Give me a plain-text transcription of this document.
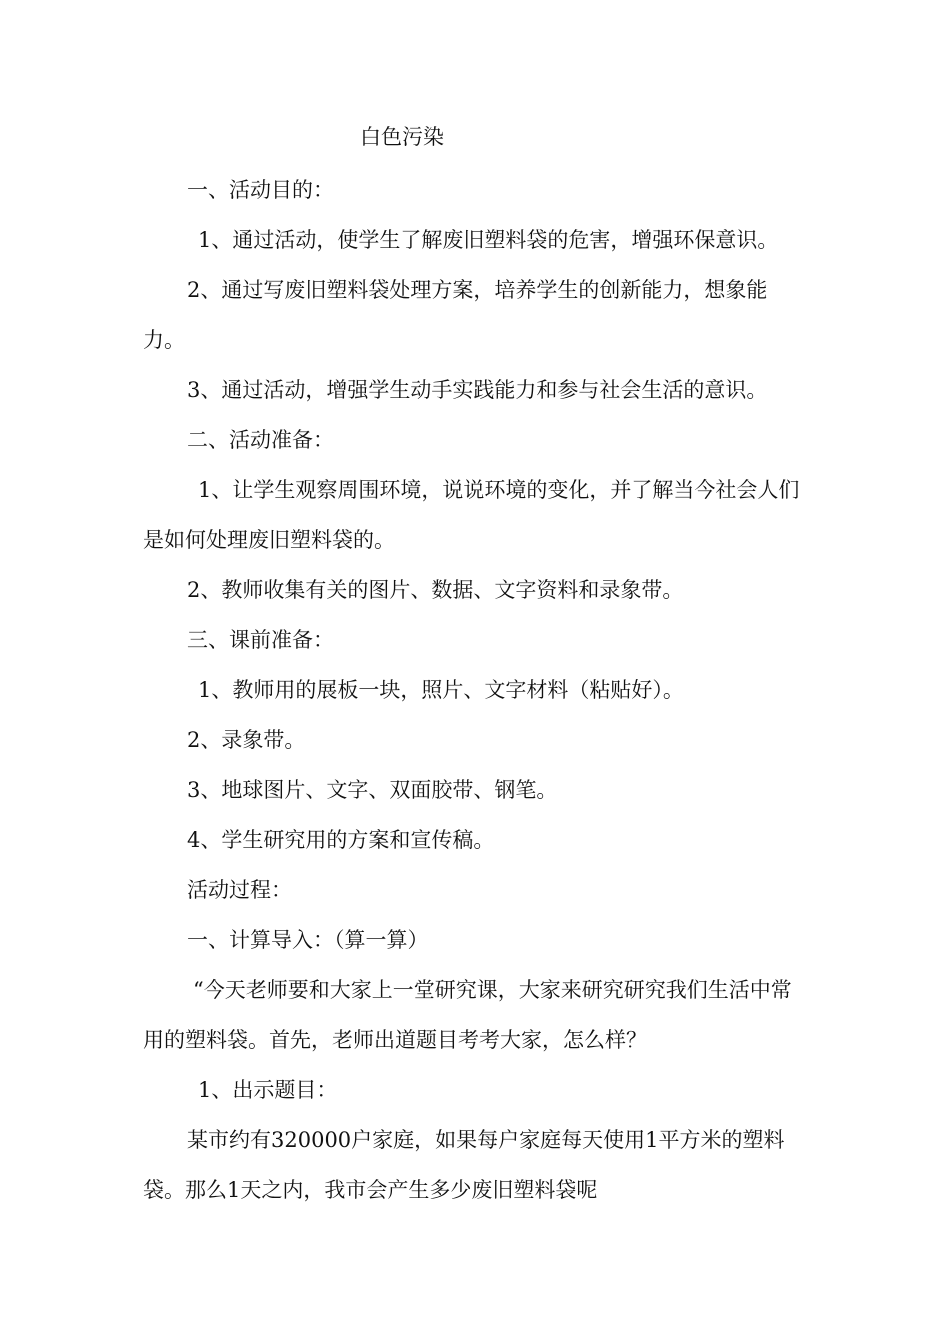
白色污染

一、活动目的：

1、通过活动，使学生了解废旧塑料袋的危害，增强环保意识。

2、通过写废旧塑料袋处理方案，培养学生的创新能力，想象能力。

3、通过活动，增强学生动手实践能力和参与社会生活的意识。

二、活动准备：

1、让学生观察周围环境，说说环境的变化，并了解当今社会人们是如何处理废旧塑料袋的。

2、教师收集有关的图片、数据、文字资料和录象带。

三、课前准备：

1、教师用的展板一块，照片、文字材料（粘贴好）。

2、录象带。

3、地球图片、文字、双面胶带、钢笔。

4、学生研究用的方案和宣传稿。

活动过程：

一、计算导入：（算一算）

“今天老师要和大家上一堂研究课，大家来研究研究我们生活中常用的塑料袋。首先，老师出道题目考考大家，怎么样？

1、出示题目：

某市约有320000户家庭，如果每户家庭每天使用1平方米的塑料袋。那么1天之内，我市会产生多少废旧塑料袋呢
